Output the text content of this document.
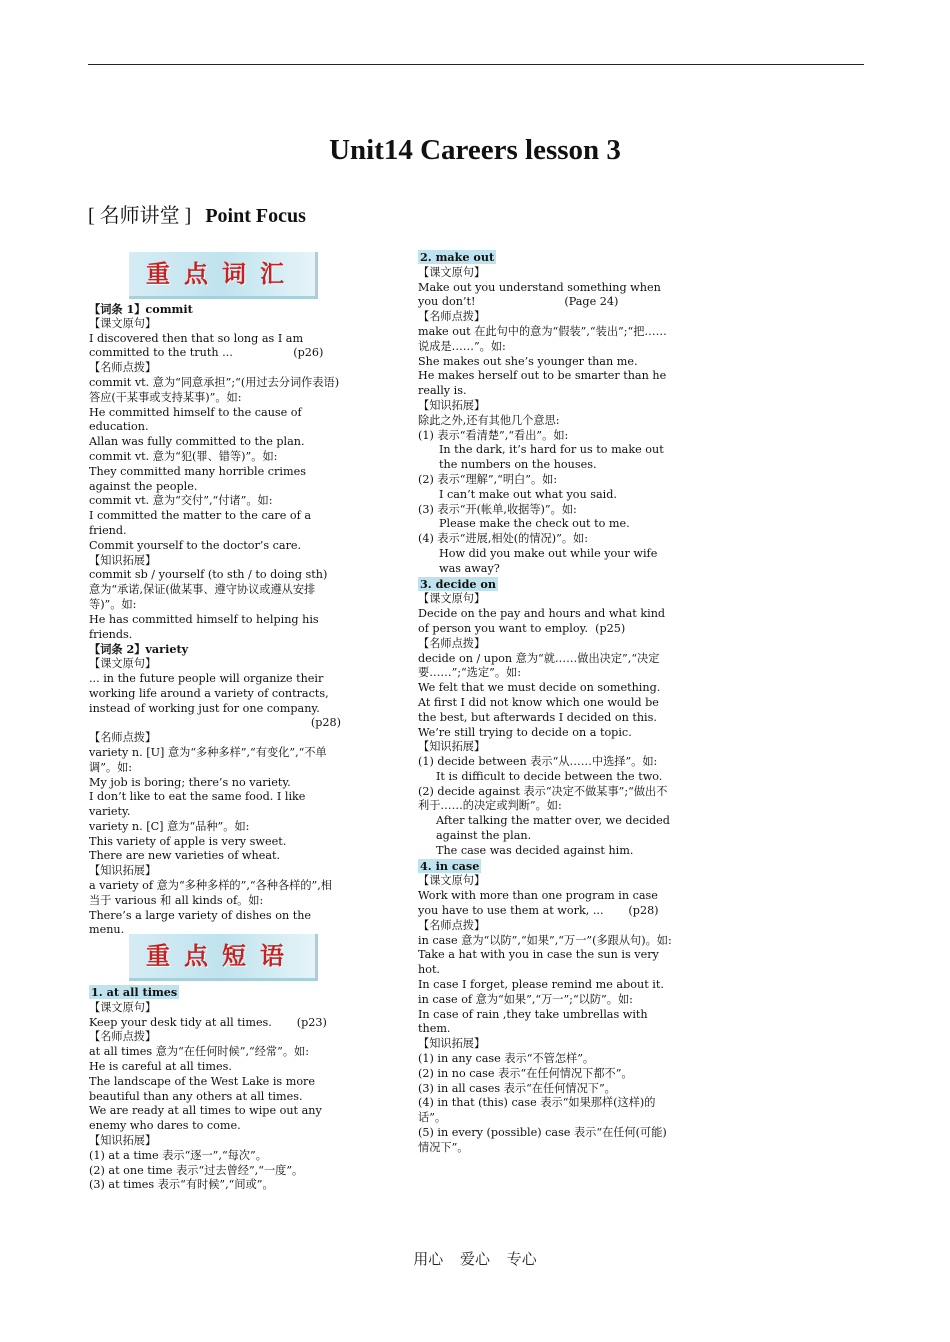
Unit14 Careers lesson 3
[ 名师讲堂 ] Point Focus
重点词汇
【词条 1】commit
【课文原句】
I discovered then that so long as I am committed to the truth ...                 (p26)
【名师点拨】
commit vt. 意为“同意承担”;“(用过去分词作表语)答应(干某事或支持某事)”。如:
He committed himself to the cause of education.
Allan was fully committed to the plan.
commit vt. 意为“犯(罪、错等)”。如:
They committed many horrible crimes against the people.
commit vt. 意为“交付”,“付诸”。如:
I committed the matter to the care of a friend.
Commit yourself to the doctor’s care.
【知识拓展】
commit sb / yourself (to sth / to doing sth) 意为“承诺,保证(做某事、遵守协议或遵从安排等)”。如:
He has committed himself to helping his friends.
【词条 2】variety
【课文原句】
... in the future people will organize their working life around a variety of contracts, instead of working just for one company.
(p28)
【名师点拨】
variety n. [U] 意为“多种多样”,“有变化”,“不单调”。如:
My job is boring; there’s no variety.
I don’t like to eat the same food. I like variety.
variety n. [C] 意为“品种”。如:
This variety of apple is very sweet.
There are new varieties of wheat.
【知识拓展】
a variety of 意为“多种多样的”,“各种各样的”,相当于 various 和 all kinds of。如:
There’s a large variety of dishes on the menu.
重点短语
1. at all times
【课文原句】
Keep your desk tidy at all times.       (p23)
【名师点拨】
at all times 意为“在任何时候”,“经常”。如:
He is careful at all times.
The landscape of the West Lake is more beautiful than any others at all times.
We are ready at all times to wipe out any enemy who dares to come.
【知识拓展】
(1) at a time 表示“逐一”,“每次”。
(2) at one time 表示“过去曾经”,“一度”。
(3) at times 表示“有时候”,“间或”。
2. make out
【课文原句】
Make out you understand something when you don’t!                         (Page 24)
【名师点拨】
make out 在此句中的意为“假装”,“装出”;“把……说成是……”。如:
She makes out she’s younger than me.
He makes herself out to be smarter than he really is.
【知识拓展】
除此之外,还有其他几个意思:
(1) 表示“看清楚”,“看出”。如:
In the dark, it’s hard for us to make out the numbers on the houses.
(2) 表示“理解”,“明白”。如:
I can’t make out what you said.
(3) 表示“开(帐单,收据等)”。如:
Please make the check out to me.
(4) 表示“进展,相处(的情况)”。如:
How did you make out while your wife was away?
3. decide on
【课文原句】
Decide on the pay and hours and what kind of person you want to employ.  (p25)
【名师点拨】
decide on / upon 意为“就……做出决定”,“决定要……”;“选定”。如:
We felt that we must decide on something.
At first I did not know which one would be the best, but afterwards I decided on this.
We’re still trying to decide on a topic.
【知识拓展】
(1) decide between 表示“从……中选择”。如:
It is difficult to decide between the two.
(2) decide against 表示“决定不做某事”;“做出不利于……的决定或判断”。如:
After talking the matter over, we decided against the plan.
The case was decided against him.
4. in case
【课文原句】
Work with more than one program in case you have to use them at work, ...       (p28)
【名师点拨】
in case 意为“以防”,“如果”,“万一”(多跟从句)。如:
Take a hat with you in case the sun is very hot.
In case I forget, please remind me about it.
in case of 意为“如果”,“万一”;“以防”。如:
In case of rain ,they take umbrellas with them.
【知识拓展】
(1) in any case 表示“不管怎样”。
(2) in no case 表示“在任何情况下都不”。
(3) in all cases 表示“在任何情况下”。
(4) in that (this) case 表示“如果那样(这样)的话”。
(5) in every (possible) case 表示“在任何(可能)情况下”。
用心 爱心 专心
